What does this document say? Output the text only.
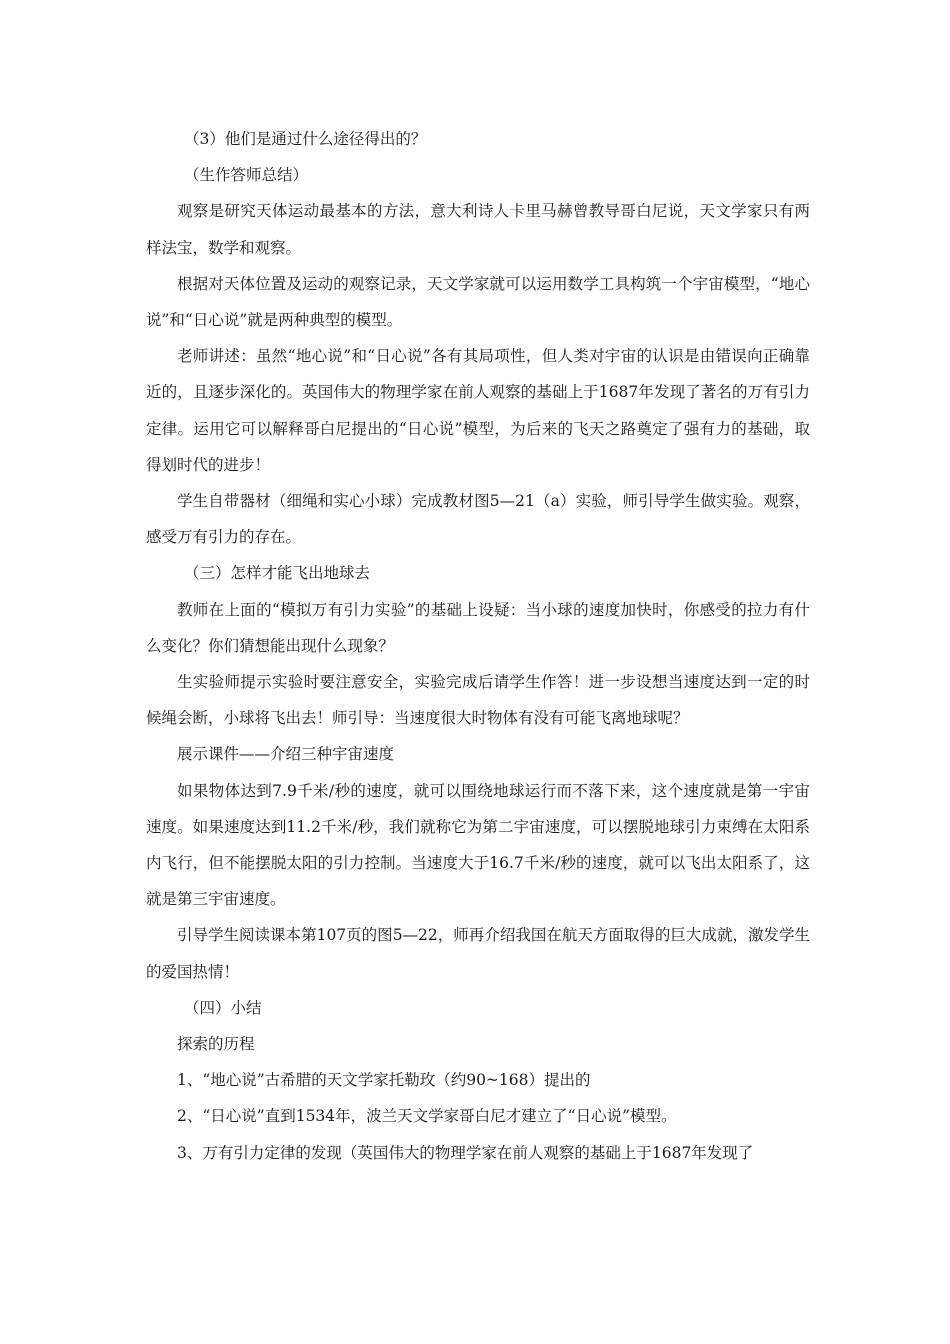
（3）他们是通过什么途径得出的？

（生作答师总结）

观察是研究天体运动最基本的方法，意大利诗人卡里马赫曾教导哥白尼说，天文学家只有两样法宝，数学和观察。

根据对天体位置及运动的观察记录，天文学家就可以运用数学工具构筑一个宇宙模型，“地心说”和“日心说”就是两种典型的模型。

老师讲述：虽然“地心说”和“日心说”各有其局项性，但人类对宇宙的认识是由错误向正确靠近的，且逐步深化的。英国伟大的物理学家在前人观察的基础上于1687年发现了著名的万有引力定律。运用它可以解释哥白尼提出的“日心说”模型，为后来的飞天之路奠定了强有力的基础，取得划时代的进步！

学生自带器材（细绳和实心小球）完成教材图5—21（a）实验，师引导学生做实验。观察，感受万有引力的存在。

（三）怎样才能飞出地球去

教师在上面的“模拟万有引力实验”的基础上设疑：当小球的速度加快时，你感受的拉力有什么变化？你们猜想能出现什么现象？

生实验师提示实验时要注意安全，实验完成后请学生作答！进一步设想当速度达到一定的时候绳会断，小球将飞出去！师引导：当速度很大时物体有没有可能飞离地球呢？

展示课件——介绍三种宇宙速度

如果物体达到7.9千米/秒的速度，就可以围绕地球运行而不落下来，这个速度就是第一宇宙速度。如果速度达到11.2千米/秒，我们就称它为第二宇宙速度，可以摆脱地球引力束缚在太阳系内飞行，但不能摆脱太阳的引力控制。当速度大于16.7千米/秒的速度，就可以飞出太阳系了，这就是第三宇宙速度。

引导学生阅读课本第107页的图5—22，师再介绍我国在航天方面取得的巨大成就，激发学生的爱国热情！

（四）小结

探索的历程

1、“地心说”古希腊的天文学家托勒玫（约90~168）提出的

2、“日心说”直到1534年，波兰天文学家哥白尼才建立了“日心说”模型。

3、万有引力定律的发现（英国伟大的物理学家在前人观察的基础上于1687年发现了
